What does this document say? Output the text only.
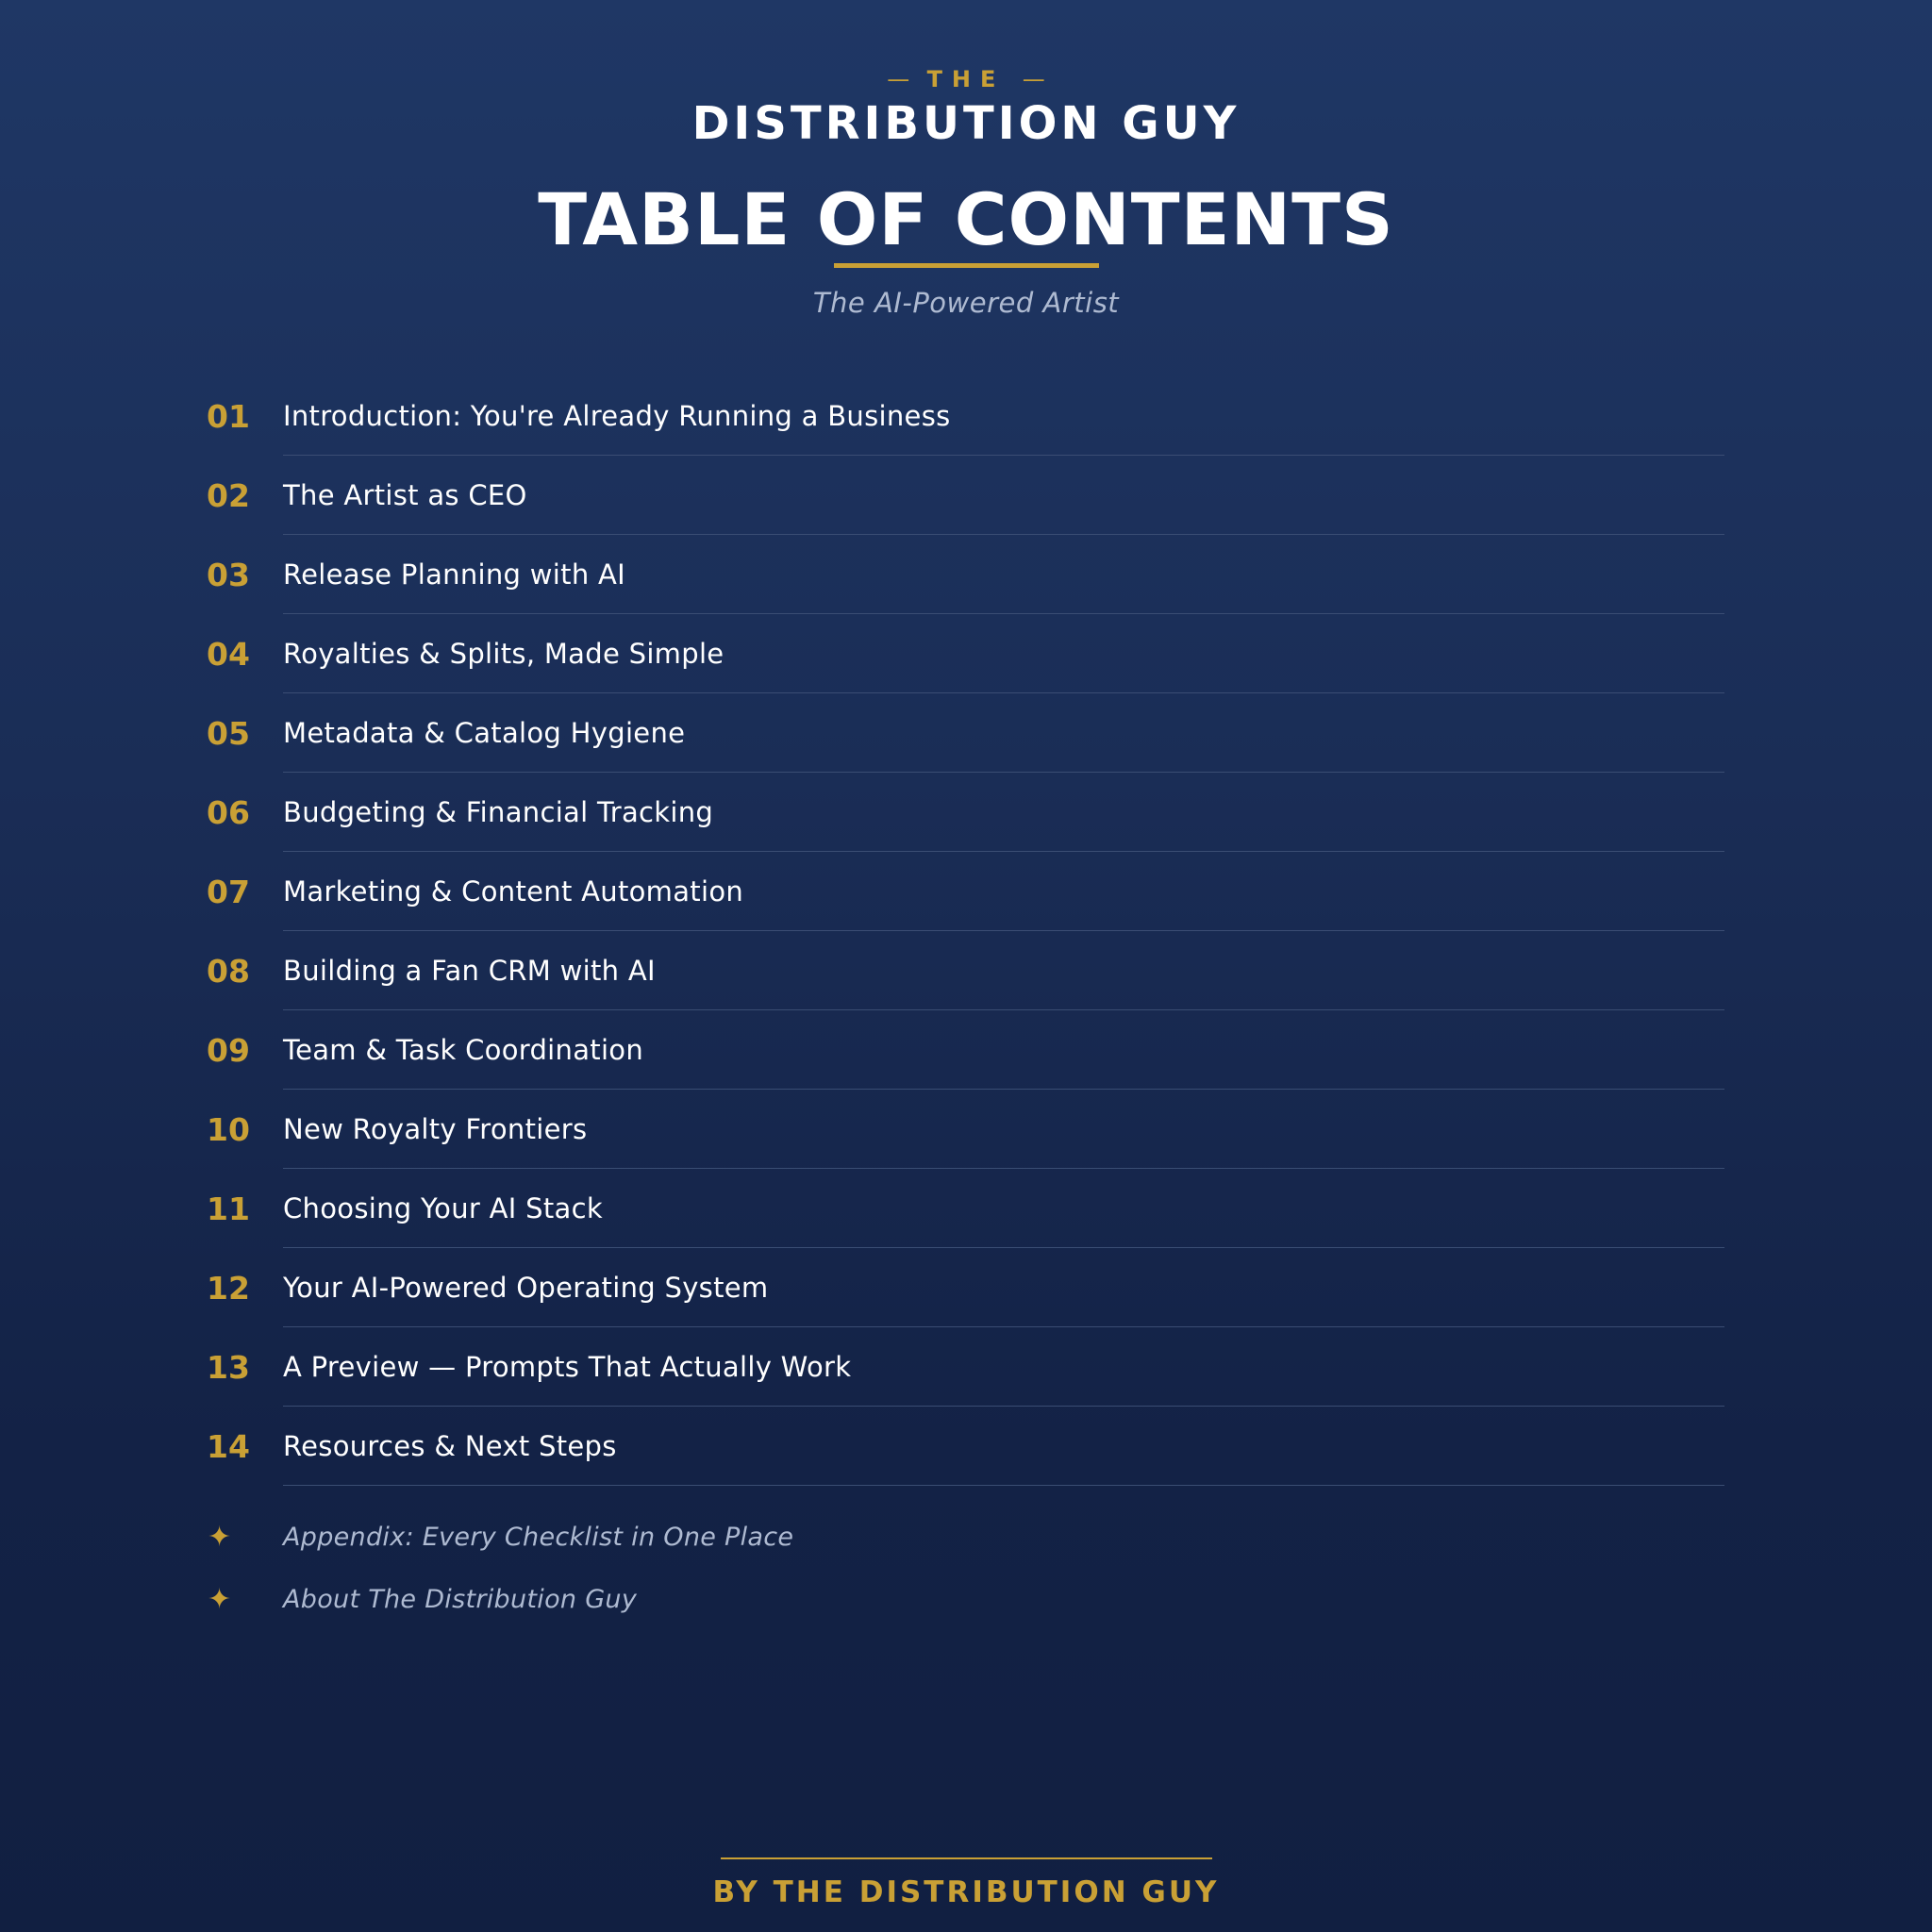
— THE —
DISTRIBUTION GUY
TABLE OF CONTENTS
The AI-Powered Artist
01 Introduction: You're Already Running a Business
02 The Artist as CEO
03 Release Planning with AI
04 Royalties & Splits, Made Simple
05 Metadata & Catalog Hygiene
06 Budgeting & Financial Tracking
07 Marketing & Content Automation
08 Building a Fan CRM with AI
09 Team & Task Coordination
10 New Royalty Frontiers
11 Choosing Your AI Stack
12 Your AI-Powered Operating System
13 A Preview — Prompts That Actually Work
14 Resources & Next Steps
✦ Appendix: Every Checklist in One Place
✦ About The Distribution Guy
BY THE DISTRIBUTION GUY
